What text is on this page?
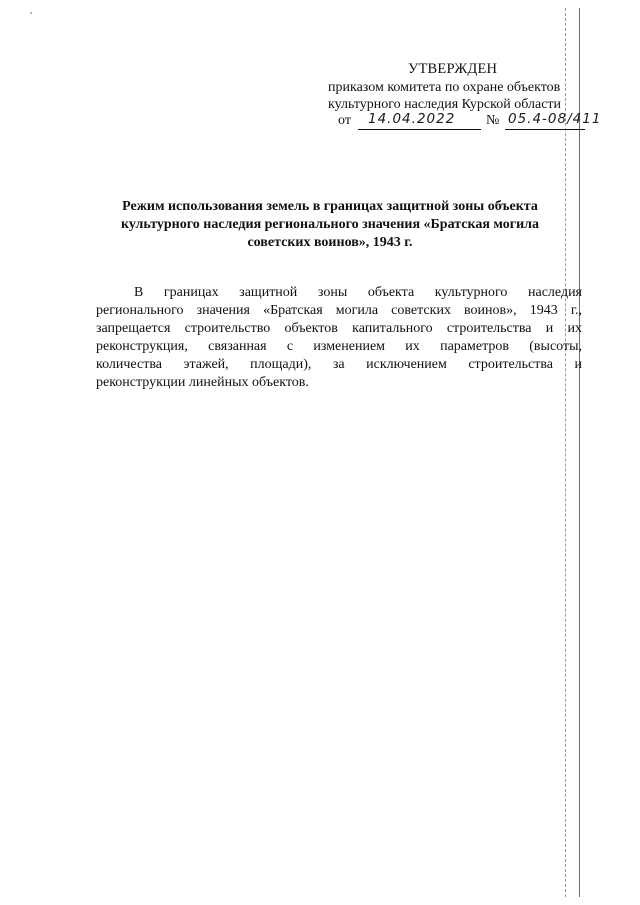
УТВЕРЖДЕН
приказом комитета по охране объектов
культурного наследия Курской области
от 14.04.2022 № 05.4-08/411
Режим использования земель в границах защитной зоны объекта
культурного наследия регионального значения «Братская могила
советских воинов», 1943 г.
В границах защитной зоны объекта культурного наследия
регионального значения «Братская могила советских воинов», 1943 г.,
запрещается строительство объектов капитального строительства и их
реконструкция, связанная с изменением их параметров (высоты,
количества этажей, площади), за исключением строительства и
реконструкции линейных объектов.
